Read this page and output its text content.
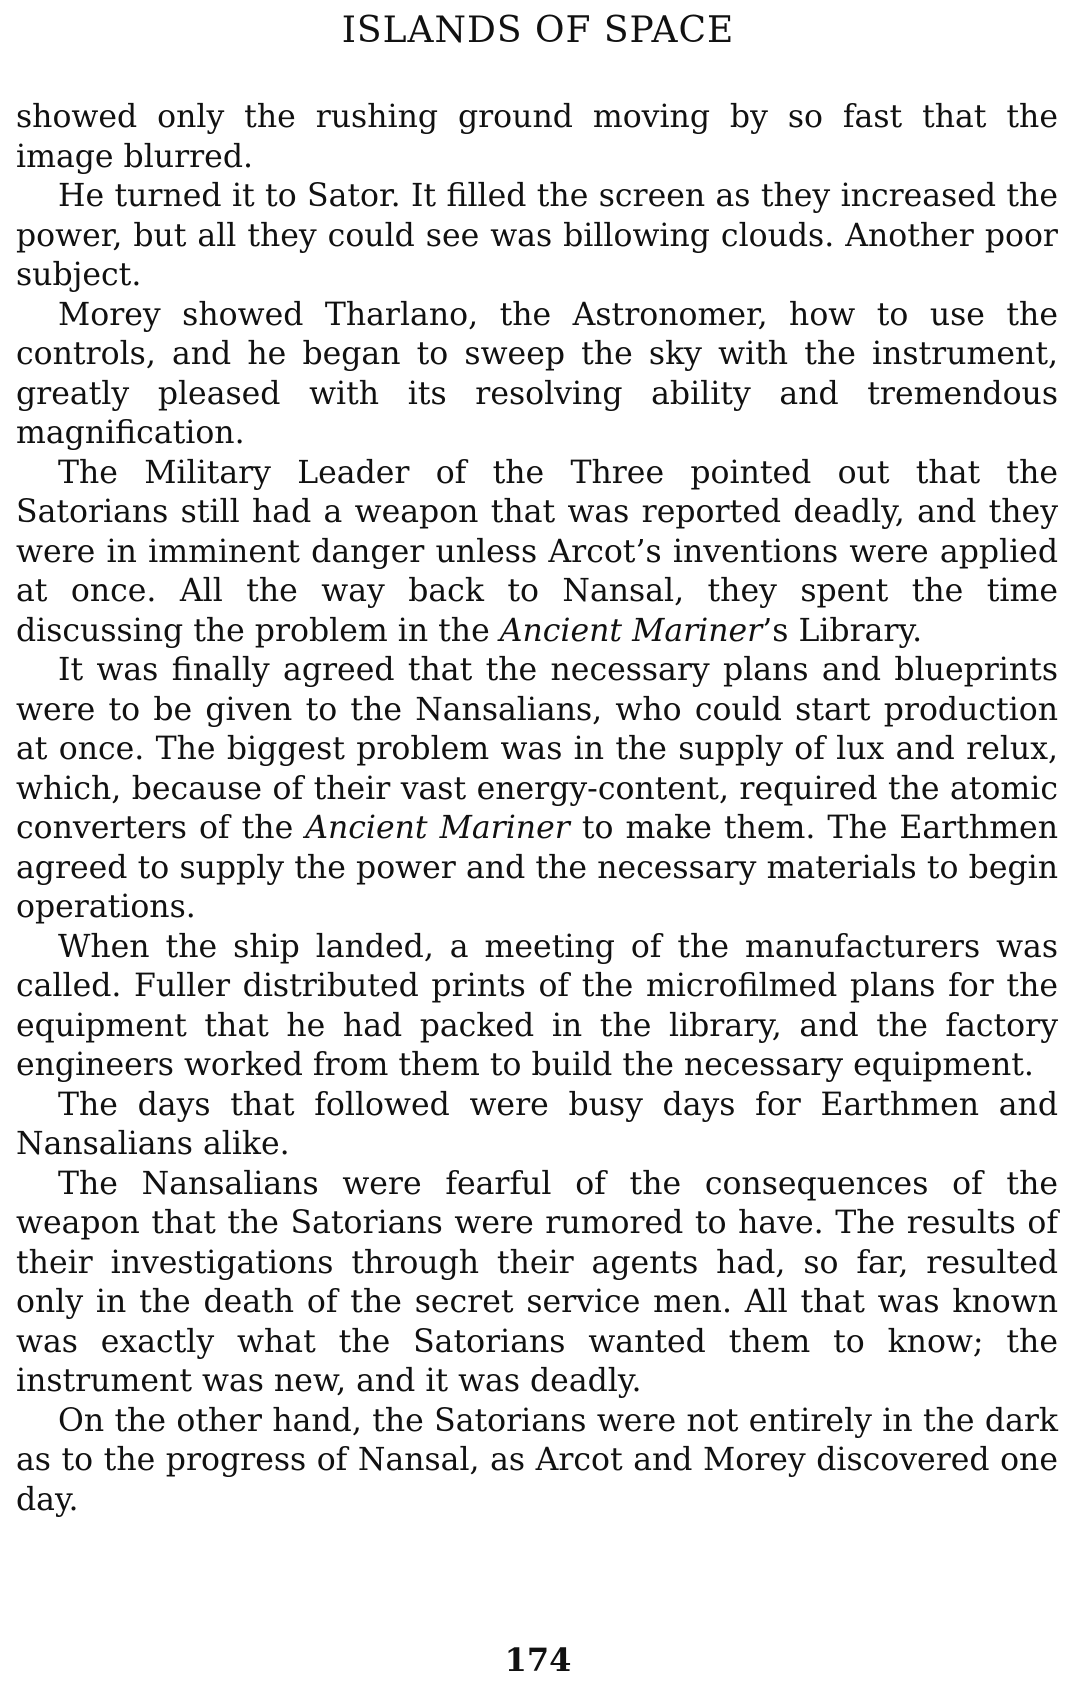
ISLANDS OF SPACE

showed only the rushing ground moving by so fast that the image blurred.

He turned it to Sator. It filled the screen as they increased the power, but all they could see was billowing clouds. Another poor subject.

Morey showed Tharlano, the Astronomer, how to use the controls, and he began to sweep the sky with the instrument, greatly pleased with its resolving ability and tremendous magnification.

The Military Leader of the Three pointed out that the Satorians still had a weapon that was reported deadly, and they were in imminent danger unless Arcot’s inventions were applied at once. All the way back to Nansal, they spent the time discussing the problem in the Ancient Mariner’s Library.

It was finally agreed that the necessary plans and blueprints were to be given to the Nansalians, who could start production at once. The biggest problem was in the supply of lux and relux, which, because of their vast energy-content, required the atomic converters of the Ancient Mariner to make them. The Earthmen agreed to supply the power and the necessary materials to begin operations.

When the ship landed, a meeting of the manufacturers was called. Fuller distributed prints of the microfilmed plans for the equipment that he had packed in the library, and the factory engineers worked from them to build the necessary equipment.

The days that followed were busy days for Earthmen and Nansalians alike.

The Nansalians were fearful of the consequences of the weapon that the Satorians were rumored to have. The results of their investigations through their agents had, so far, resulted only in the death of the secret service men. All that was known was exactly what the Satorians wanted them to know; the instrument was new, and it was deadly.

On the other hand, the Satorians were not entirely in the dark as to the progress of Nansal, as Arcot and Morey discovered one day.

174
